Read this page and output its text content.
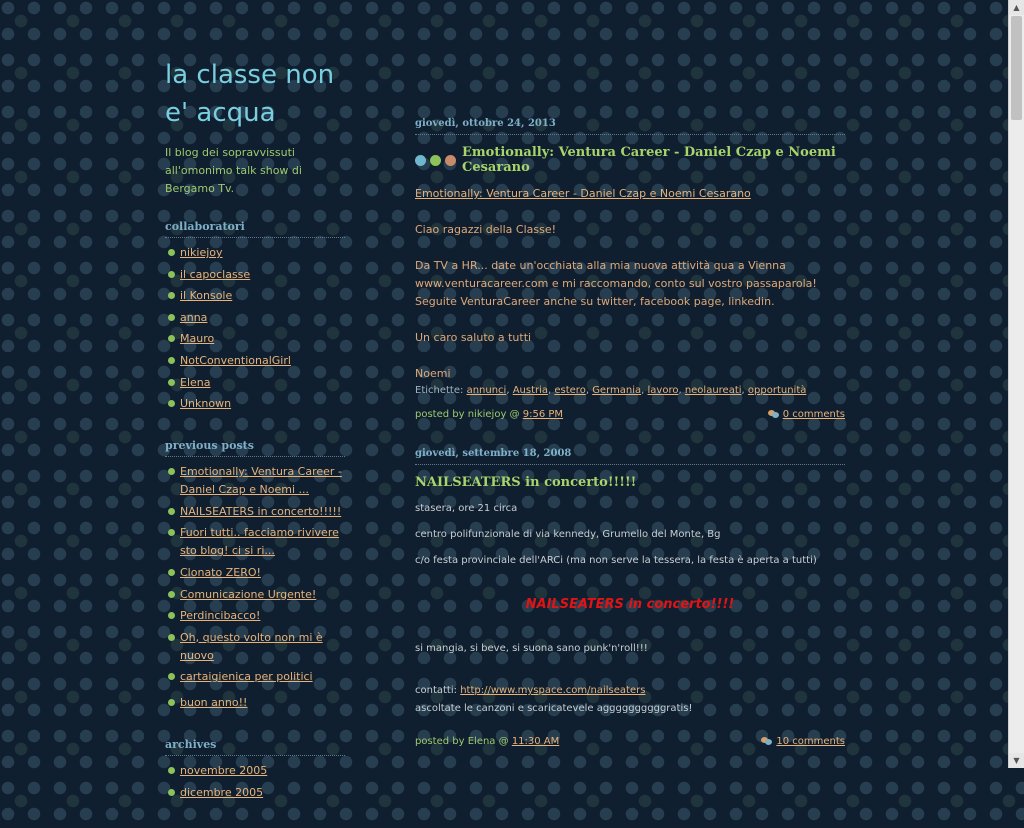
la classe non e' acqua
Il blog dei sopravvissuti all'omonimo talk show di Bergamo Tv.
collaboratori
nikiejoy
il capoclasse
il Konsole
anna
Mauro
NotConventionalGirl
Elena
Unknown
previous posts
Emotionally: Ventura Career - Daniel Czap e Noemi ...
NAILSEATERS in concerto!!!!!
Fuori tutti.. facciamo rivivere sto blog! ci si ri...
Clonato ZERO!
Comunicazione Urgente!
Perdincibacco!
Oh, questo volto non mi è nuovo
cartaigienica per politici
buon anno!!
archives
novembre 2005
dicembre 2005
giovedì, ottobre 24, 2013
Emotionally: Ventura Career - Daniel Czap e Noemi Cesarano

Emotionally: Ventura Career - Daniel Czap e Noemi Cesarano

Ciao ragazzi della Classe!

Da TV a HR... date un'occhiata alla mia nuova attività qua a Vienna

www.venturacareer.com e mi raccomando, conto sul vostro passaparola!

Seguite VenturaCareer anche su twitter, facebook page, linkedin.

Un caro saluto a tutti

Noemi

Etichette: annunci, Austria, estero, Germania, lavoro, neolaureati, opportunità
posted by nikiejoy @ 9:56 PM	0 comments
giovedì, settembre 18, 2008
NAILSEATERS in concerto!!!!!

stasera, ore 21 circa

centro polifunzionale di via kennedy, Grumello del Monte, Bg

c/o festa provinciale dell'ARCi (ma non serve la tessera, la festa è aperta a tutti)

NAILSEATERS in concerto!!!!

si mangia, si beve, si suona sano punk'n'roll!!!

contatti: http://www.myspace.com/nailseaters

ascoltate le canzoni e scaricatevele aggggggggggratis!

posted by Elena @ 11:30 AM	10 comments
▲
▼
